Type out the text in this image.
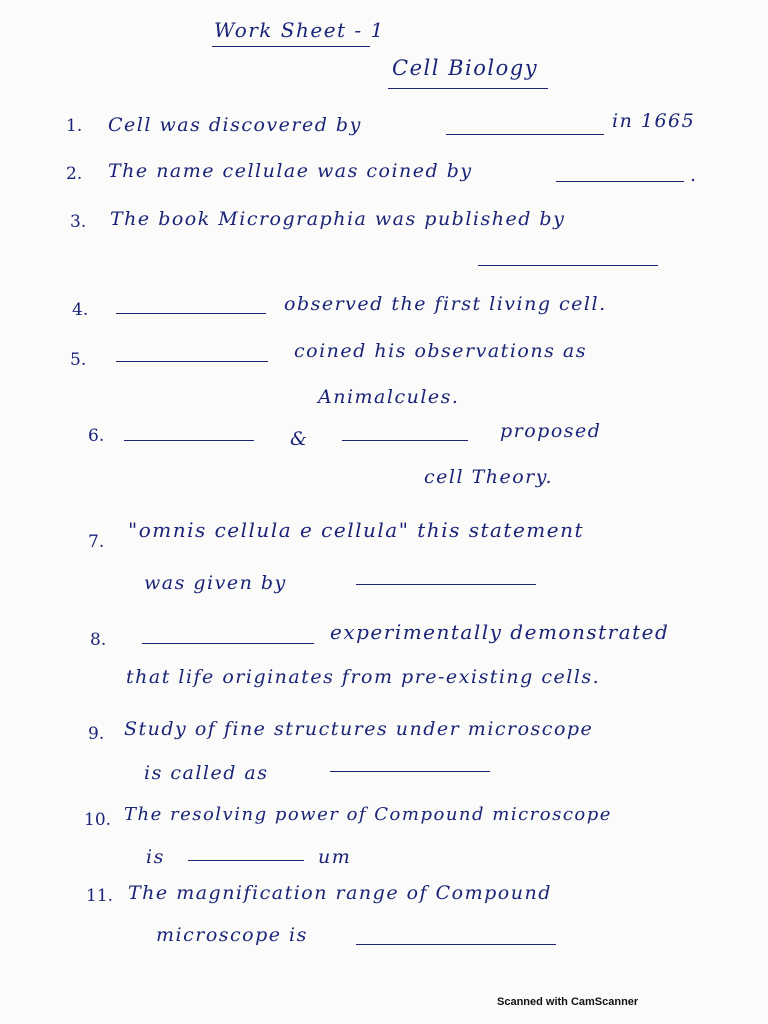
Work Sheet - 1
Cell Biology
1. Cell was discovered by	in 1665
2. The name cellulae was coined by	.
3. The book Micrographia was published by
4.	observed the first living cell.
5.	coined his observations as
Animalcules.
6.	&	proposed
cell Theory.
7. "omnis cellula e cellula" this statement
was given by
8.	experimentally demonstrated
that life originates from pre-existing cells.
9. Study of fine structures under microscope
is called as
10. The resolving power of Compound microscope
is	um
11. The magnification range of Compound
microscope is
Scanned with CamScanner
